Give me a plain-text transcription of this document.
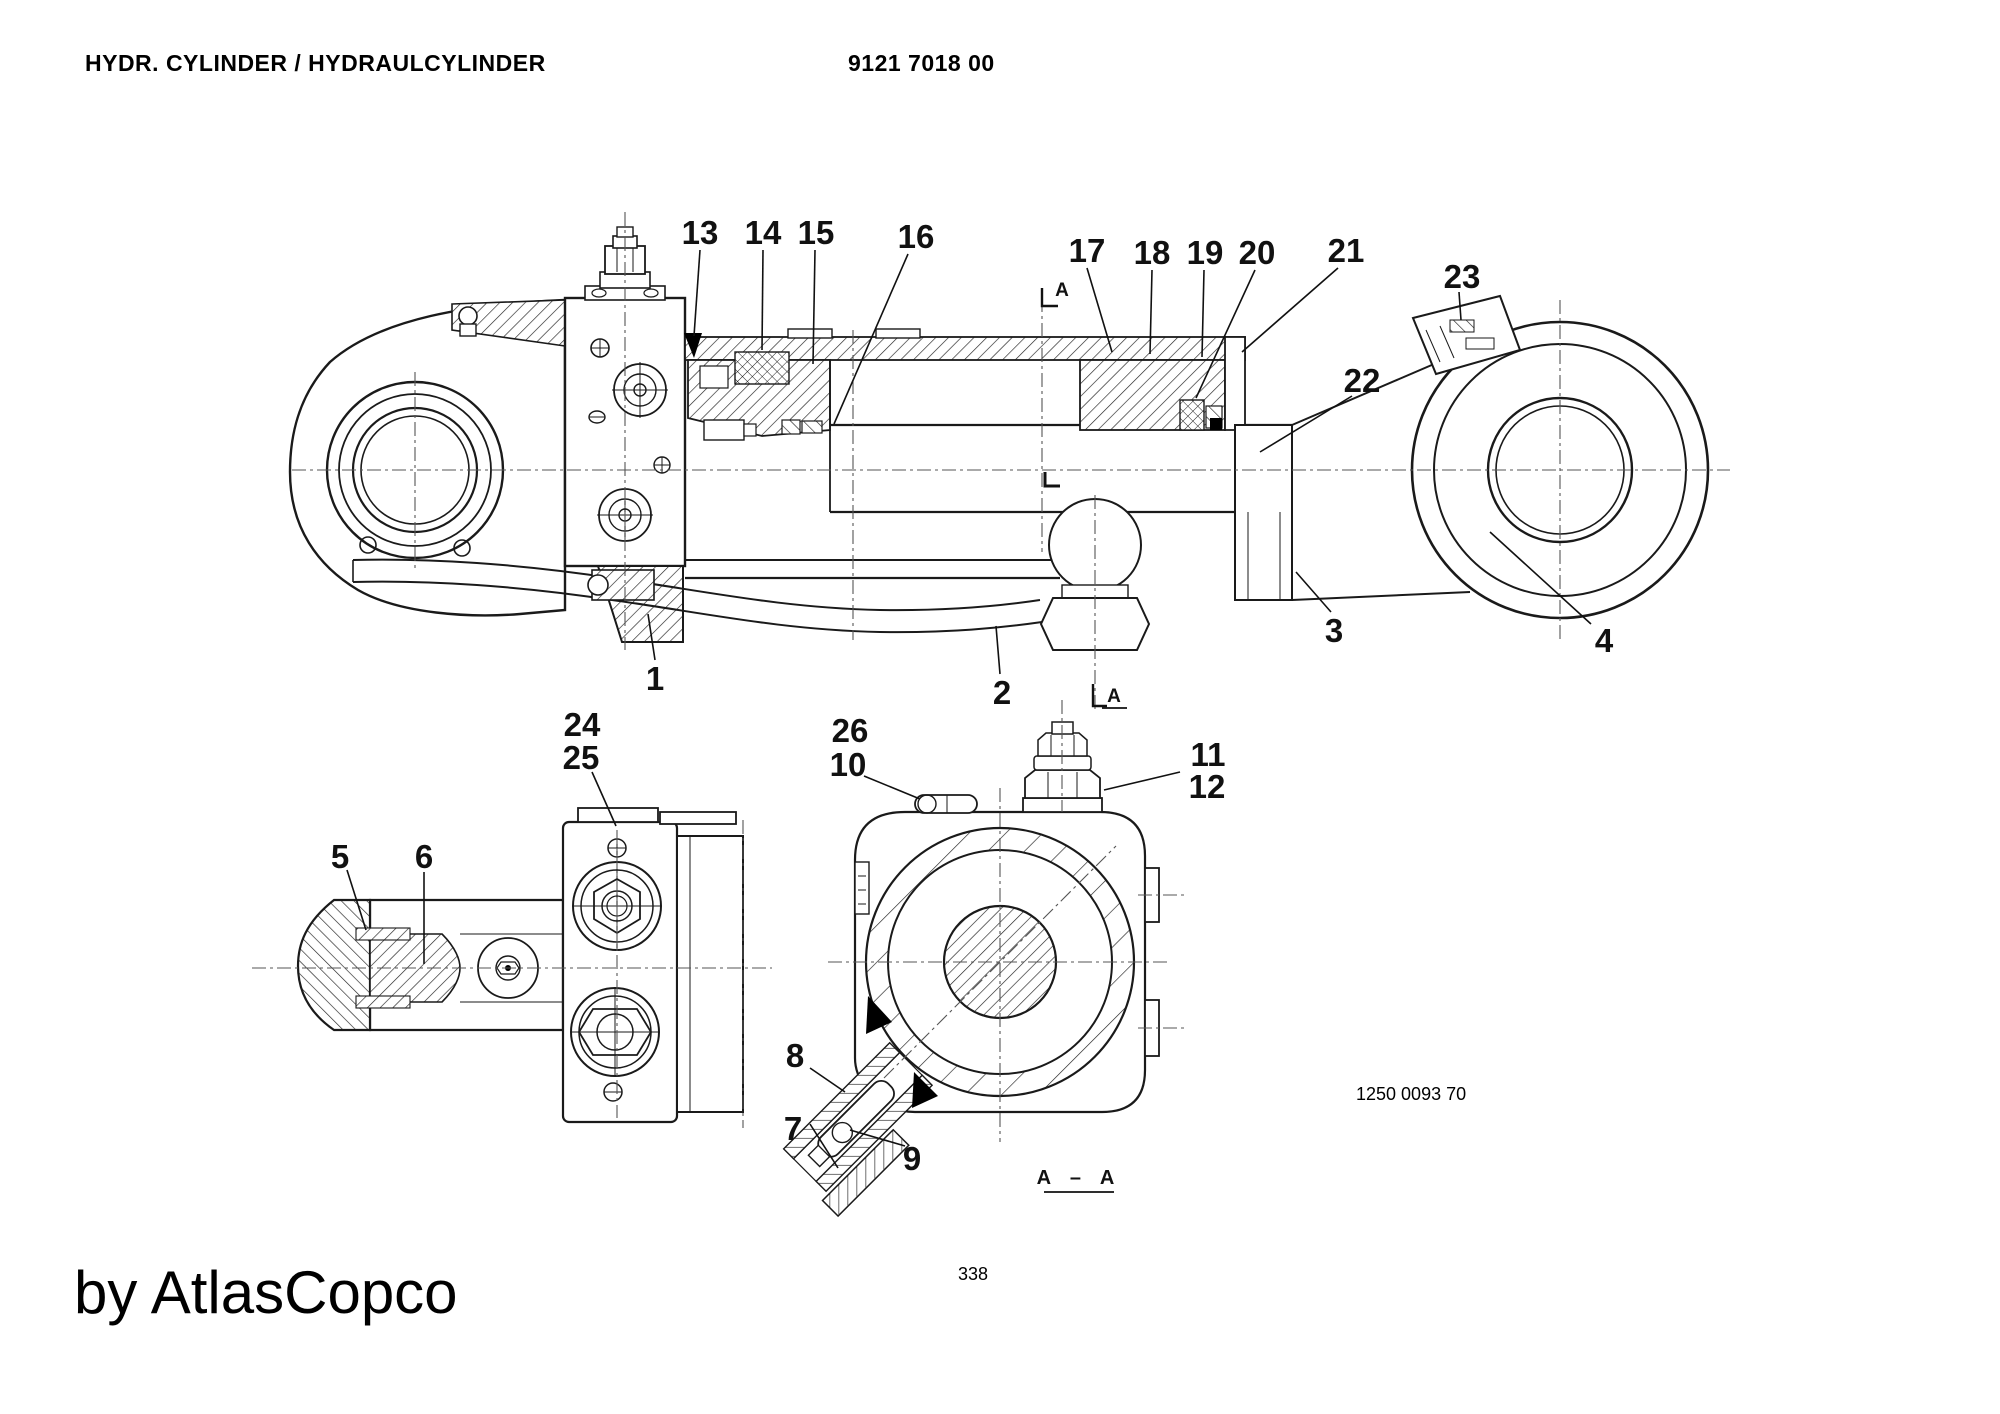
HYDR. CYLINDER / HYDRAULCYLINDER	9121 7018 00
1250 0093 70
338
by AtlasCopco
1	2
3	4
5 6
7
8
9
10	11
12
13 14 15 16	17 18 19 20 21
22
23
24
25
26
A
A
A – A
